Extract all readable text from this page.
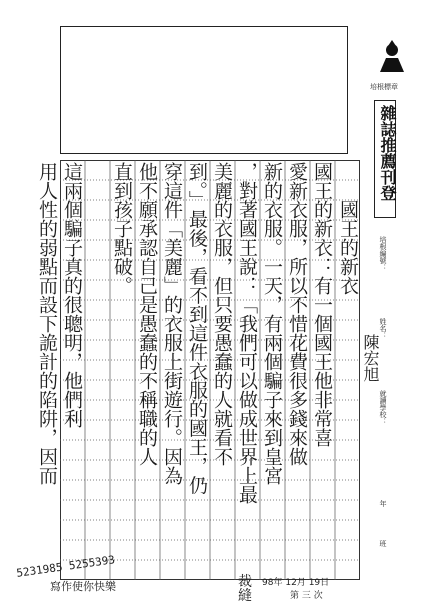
培根標章
雜誌推薦刊登
培根編號：
姓名：
陳宏旭
就讀學校：
年
班
國王的新衣：有一個國王他非常喜
愛新衣服，所以不惜花費很多錢來做
新的衣服。一天，有兩個騙子來到皇宮
，對著國王說：「我們可以做成世界上最
美麗的衣服，但只要愚蠢的人就看不
到。」最後，看不到這件衣服的國王，仍
穿這件「美麗」的衣服上街遊行。因為
他不願承認自己是愚蠢的不稱職的人
直到孩子點破。
這兩個騙子真的很聰明，他們利
用人性的弱點而設下詭計的陷阱，因而	國王的新衣
裁
縫
5231985 5255393
寫作使你快樂	98年 12月 19日
第 三 次
